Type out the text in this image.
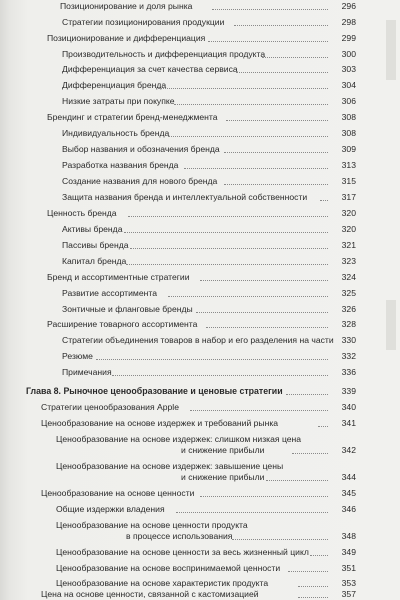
Позиционирование и доля рынка	296
Стратегии позиционирования продукции	298
Позиционирование и дифференциация	299
Производительность и дифференциация продукта	300
Дифференциация за счет качества сервиса	303
Дифференциация бренда	304
Низкие затраты при покупке	306
Брендинг и стратегии бренд-менеджмента	308
Индивидуальность бренда	308
Выбор названия и обозначения бренда	309
Разработка названия бренда	313
Создание названия для нового бренда	315
Защита названия бренда и интеллектуальной собственности	317
Ценность бренда	320
Активы бренда	320
Пассивы бренда	321
Капитал бренда	323
Бренд и ассортиментные стратегии	324
Развитие ассортимента	325
Зонтичные и фланговые бренды	326
Расширение товарного ассортимента	328
Стратегии объединения товаров в набор и его разделения на части 330
Резюме	332
Примечания	336
Глава 8. Рыночное ценообразование и ценовые стратегии	339
Стратегии ценообразования Apple	340
Ценообразование на основе издержек и требований рынка	341
Ценообразование на основе издержек: слишком низкая цена
и снижение прибыли	342
Ценообразование на основе издержек: завышение цены
и снижение прибыли	344
Ценообразование на основе ценности	345
Общие издержки владения	346
Ценообразование на основе ценности продукта
в процессе использования	348
Ценообразование на основе ценности за весь жизненный цикл	349
Ценообразование на основе воспринимаемой ценности	351
Ценообразование на основе характеристик продукта	353
Цена на основе ценности, связанной с кастомизацией	357
